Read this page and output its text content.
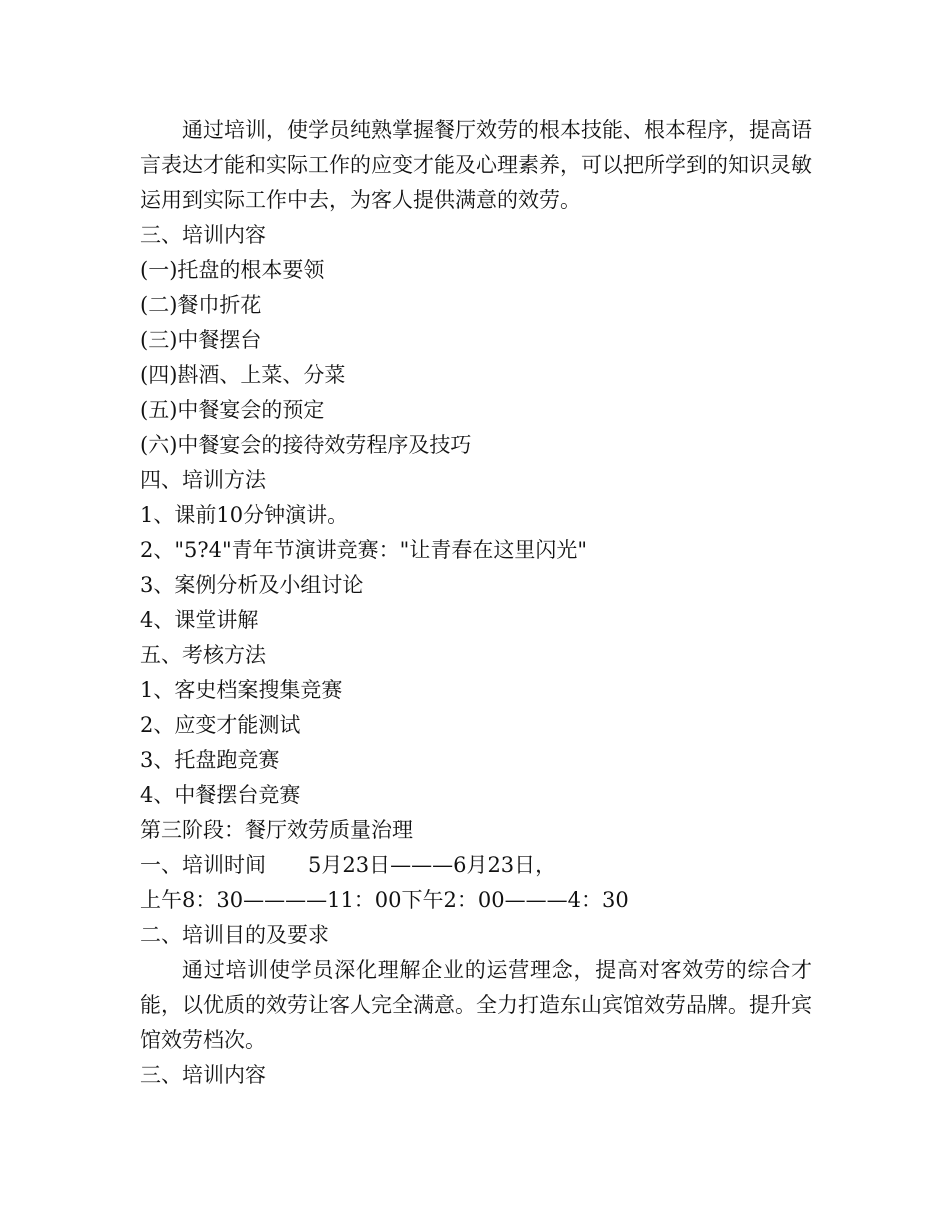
通过培训，使学员纯熟掌握餐厅效劳的根本技能、根本程序，提高语言表达才能和实际工作的应变才能及心理素养，可以把所学到的知识灵敏运用到实际工作中去，为客人提供满意的效劳。

三、培训内容

(一)托盘的根本要领

(二)餐巾折花

(三)中餐摆台

(四)斟酒、上菜、分菜

(五)中餐宴会的预定

(六)中餐宴会的接待效劳程序及技巧

四、培训方法

1、课前10分钟演讲。

2、"5?4"青年节演讲竞赛："让青春在这里闪光"

3、案例分析及小组讨论

4、课堂讲解

五、考核方法

1、客史档案搜集竞赛

2、应变才能测试

3、托盘跑竞赛

4、中餐摆台竞赛

第三阶段：餐厅效劳质量治理

一、培训时间　　5月23日———6月23日，

上午8：30————11：00下午2：00———4：30

二、培训目的及要求

通过培训使学员深化理解企业的运营理念，提高对客效劳的综合才能，以优质的效劳让客人完全满意。全力打造东山宾馆效劳品牌。提升宾馆效劳档次。

三、培训内容
